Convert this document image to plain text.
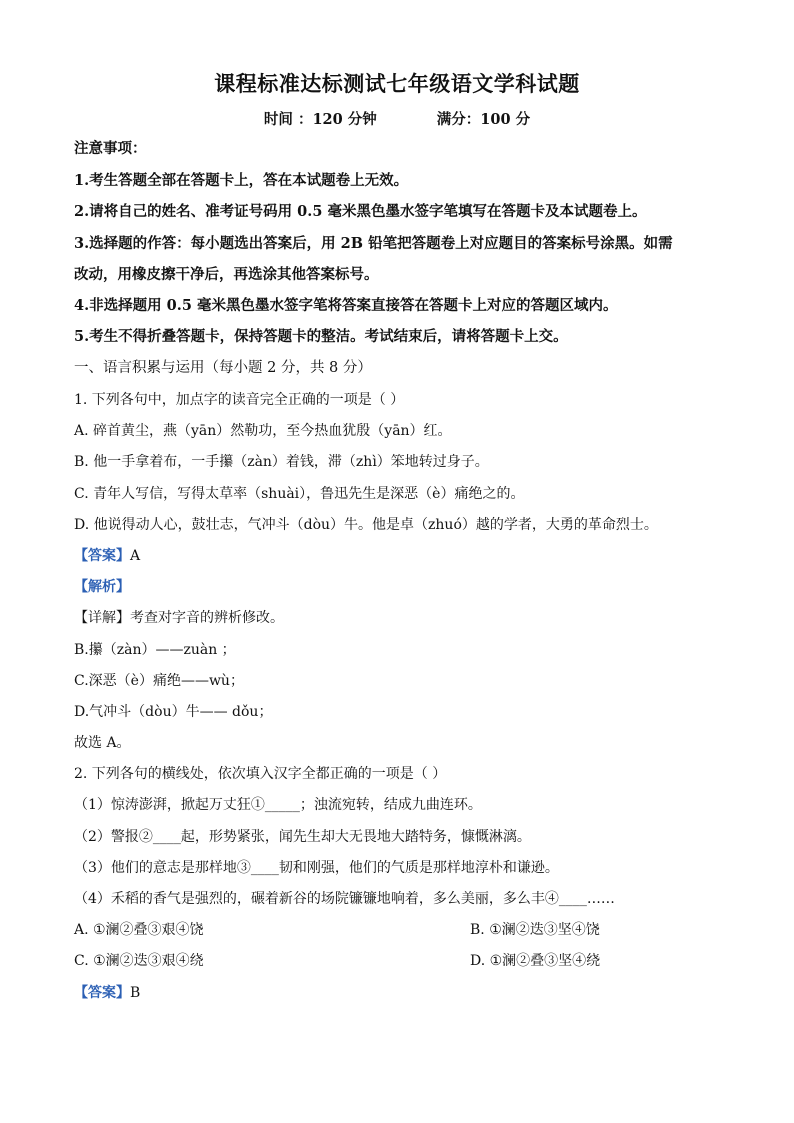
课程标准达标测试七年级语文学科试题
时间 ：120 分钟	满分：100 分
注意事项：
1.考生答题全部在答题卡上，答在本试题卷上无效。
2.请将自己的姓名、准考证号码用 0.5 毫米黑色墨水签字笔填写在答题卡及本试题卷上。
3.选择题的作答：每小题选出答案后，用 2B 铅笔把答题卷上对应题目的答案标号涂黑。如需
改动，用橡皮擦干净后，再选涂其他答案标号。
4.非选择题用 0.5 毫米黑色墨水签字笔将答案直接答在答题卡上对应的答题区域内。
5.考生不得折叠答题卡，保持答题卡的整洁。考试结束后，请将答题卡上交。
一、语言积累与运用（每小题 2 分，共 8 分）
1. 下列各句中，加点字的读音完全正确的一项是（ ）
A. 碎首黄尘，燕（yān）然勒功，至今热血犹殷（yān）红。
B. 他一手拿着布，一手攥（zàn）着钱，滞（zhì）笨地转过身子。
C. 青年人写信，写得太草率（shuài），鲁迅先生是深恶（è）痛绝之的。
D. 他说得动人心，鼓壮志，气冲斗（dòu）牛。他是卓（zhuó）越的学者，大勇的革命烈士。
【答案】A
【解析】
【详解】考查对字音的辨析修改。
B.攥（zàn）——zuàn ；
C.深恶（è）痛绝——wù；
D.气冲斗（dòu）牛—— dǒu；
故选 A。
2. 下列各句的横线处，依次填入汉字全都正确的一项是（ ）
（1）惊涛澎湃，掀起万丈狂①_____；浊流宛转，结成九曲连环。
（2）警报②____起，形势紧张，闻先生却大无畏地大踏特务，慷慨淋漓。
（3）他们的意志是那样地③____韧和刚强，他们的气质是那样地淳朴和谦逊。
（4）禾稻的香气是强烈的，碾着新谷的场院镰镰地响着，多么美丽，多么丰④____……
A. ①澜②叠③艰④饶	B. ①澜②迭③坚④饶
C. ①澜②迭③艰④绕	D. ①澜②叠③坚④绕
【答案】B
